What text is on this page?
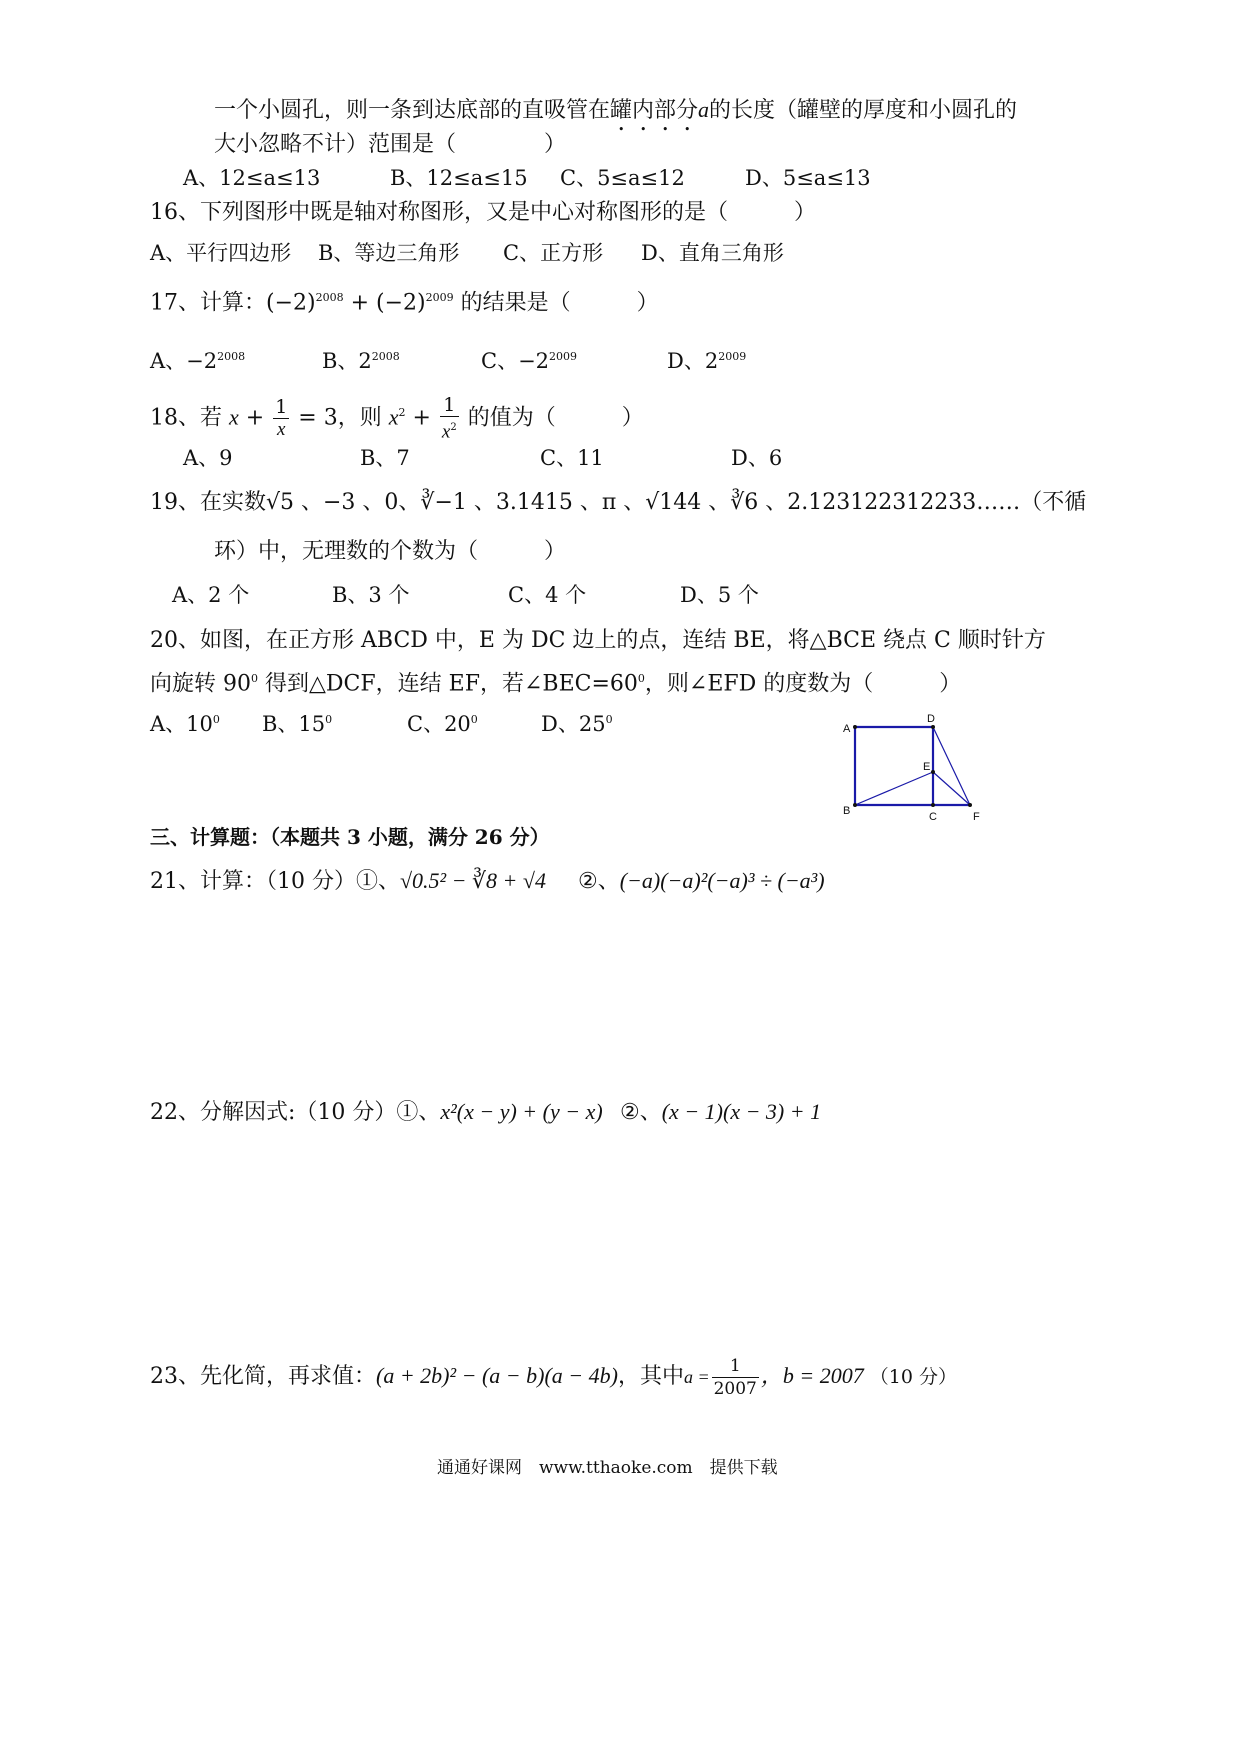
一个小圆孔，则一条到达底部的直吸管在罐内部分a的长度（罐壁的厚度和小圆孔的
大小忽略不计）范围是（　　　　）
A、12≤a≤13	B、12≤a≤15 C、5≤a≤12	D、5≤a≤13
16、下列图形中既是轴对称图形，又是中心对称图形的是（　　　）
A、平行四边形 B、等边三角形 C、正方形 D、直角三角形
17、计算：$(-2)^{2008} + (-2)^{2009}$ 的结果是（　　　）
A、$-2^{2008}$	B、$2^{2008}$	C、$-2^{2009}$	D、$2^{2009}$
18、若 $x + \frac{1}{x} = 3$，则 $x^2 + \frac{1}{x^2}$ 的值为（　　　）
A、9	B、7	C、11	D、6
19、在实数√5 、−3 、0、∛−1 、3.1415 、π 、√144 、∛6 、2.123122312233……（不循
环）中，无理数的个数为（　　　）
A、2 个	B、3 个	C、4 个	D、5 个
20、如图，在正方形 ABCD 中，E 为 DC 边上的点，连结 BE，将△BCE 绕点 C 顺时针方
向旋转 $90^0$ 得到△DCF，连结 EF，若$\angle BEC=60^0$，则∠EFD 的度数为（　　　）
A、$10^0$ B、$15^0$	C、$20^0$	D、$25^0$
A
D
B	C
E
F
三、计算题：（本题共 3 小题，满分 26 分）
21、计算：（10 分）①、√0.5² − ∛8 + √4 ②、(−a)(−a)²(−a)³ ÷ (−a³)
22、分解因式:（10 分）①、x²(x − y) + (y − x) ②、(x − 1)(x − 3) + 1
23、先化简，再求值：(a + 2b)² − (a − b)(a − 4b)，其中$a = \frac{1}{2007}$ ，b = 2007 （10 分）
通通好课网　www.tthaoke.com　提供下载
